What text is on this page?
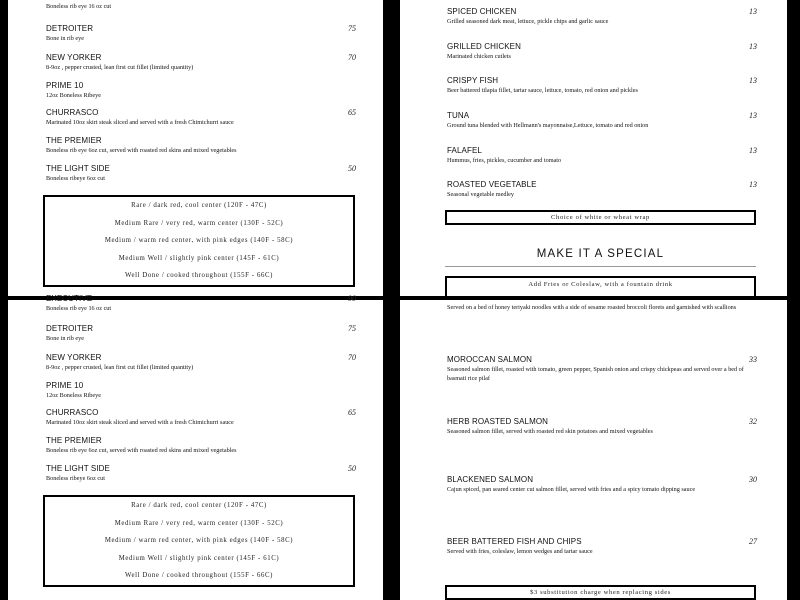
Boneless rib eye 16 oz cut
DETROITER
Bone in rib eye
75
NEW YORKER
8-9oz , pepper crusted, lean first cut fillet (limited quantity)
70
PRIME 10
12oz Boneless Ribeye
CHURRASCO
Marinated 10oz skirt steak sliced and served with a fresh Chimichurri sauce
65
THE PREMIER
Boneless rib eye 6oz cut, served with roasted red skins and mixed vegetables
THE LIGHT SIDE
Boneless ribeye 6oz cut
50
Rare / dark red, cool center (120F - 47C)
Medium Rare / very red, warm center (130F - 52C)
Medium / warm red center, with pink edges (140F - 58C)
Medium Well / slightly pink center (145F - 61C)
Well Done / cooked throughout (155F - 66C)
SPICED CHICKEN
Grilled seasoned dark meat, lettuce, pickle chips and garlic sauce
13
GRILLED CHICKEN
Marinated chicken cutlets
13
CRISPY FISH
Beer battered tilapia fillet, tartar sauce, lettuce, tomato, red onion and pickles
13
TUNA
Ground tuna blended with Hellmann's mayonnaise,Lettuce, tomato and red onion
13
FALAFEL
Hummus, fries, pickles, cucumber and tomato
13
ROASTED VEGETABLE
Seasonal vegetable medley
13
Choice of white or wheat wrap
MAKE IT A SPECIAL
Add Fries or Coleslaw, with a fountain drink
EXECUTIVE
Boneless rib eye 16 oz cut
90
DETROITER
Bone in rib eye
75
NEW YORKER
8-9oz , pepper crusted, lean first cut fillet (limited quantity)
70
PRIME 10
12oz Boneless Ribeye
CHURRASCO
Marinated 10oz skirt steak sliced and served with a fresh Chimichurri sauce
65
THE PREMIER
Boneless rib eye 6oz cut, served with roasted red skins and mixed vegetables
THE LIGHT SIDE
Boneless ribeye 6oz cut
50
Rare / dark red, cool center (120F - 47C)
Medium Rare / very red, warm center (130F - 52C)
Medium / warm red center, with pink edges (140F - 58C)
Medium Well / slightly pink center (145F - 61C)
Well Done / cooked throughout (155F - 66C)
Served on a bed of honey teriyaki noodles with a side of sesame roasted broccoli florets and garnished with scallions
MOROCCAN SALMON
Seasoned salmon fillet, roasted with tomato, green pepper, Spanish onion and crispy chickpeas and served over a bed of basmati rice pilaf
33
HERB ROASTED SALMON
Seasoned salmon fillet, served with roasted red skin potatoes and mixed vegetables
32
BLACKENED SALMON
Cajun spiced, pan seared center cut salmon fillet, served with fries and a spicy tomato dipping sauce
30
BEER BATTERED FISH AND CHIPS
Served with fries, coleslaw, lemon wedges and tartar sauce
27
$3 substitution charge when replacing sides
